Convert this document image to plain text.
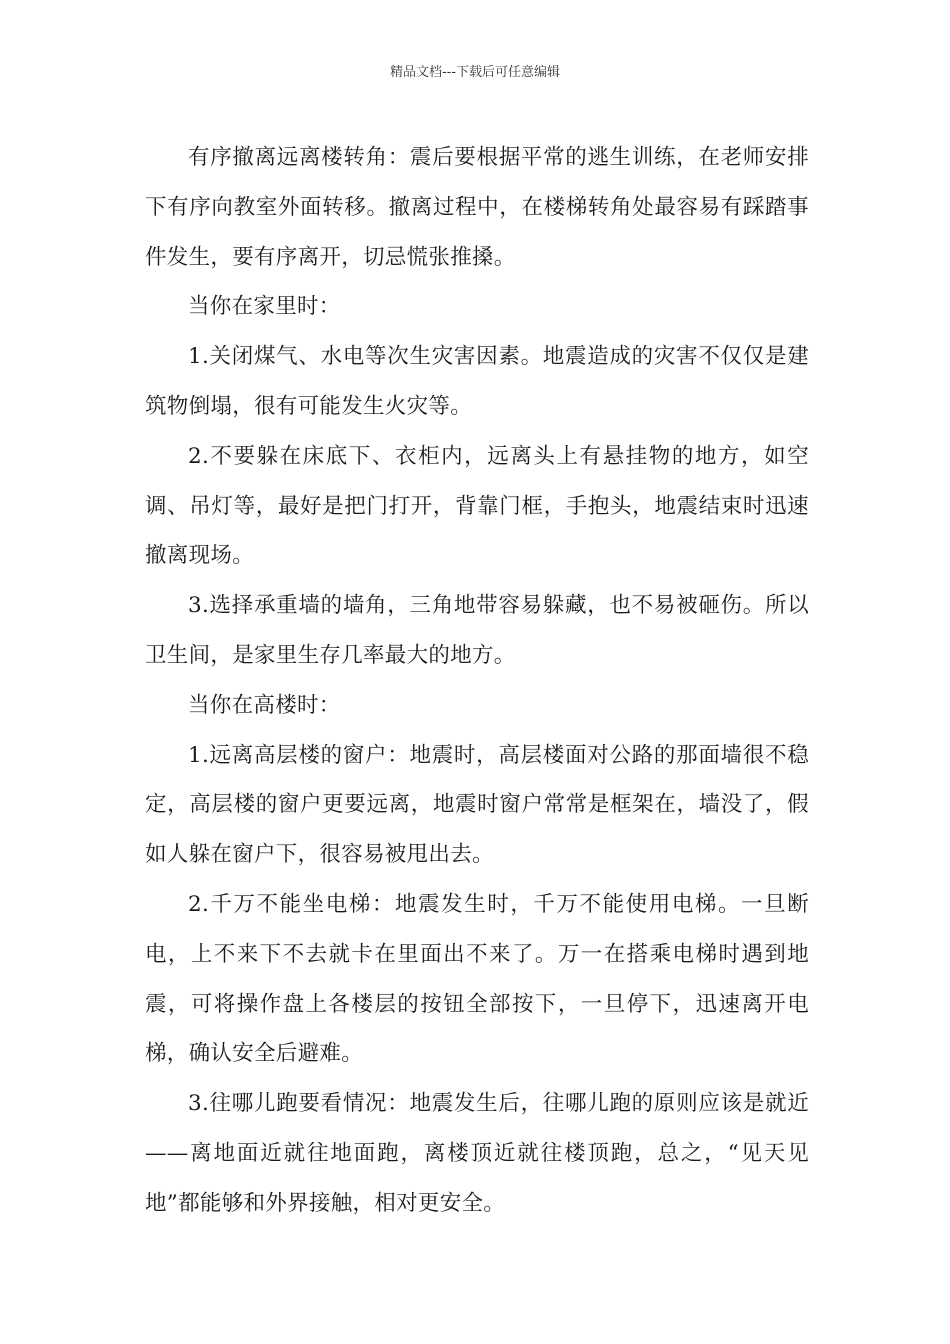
精品文档---下载后可任意编辑

有序撤离远离楼转角：震后要根据平常的逃生训练，在老师安排下有序向教室外面转移。撤离过程中，在楼梯转角处最容易有踩踏事件发生，要有序离开，切忌慌张推搡。

当你在家里时：

1.关闭煤气、水电等次生灾害因素。地震造成的灾害不仅仅是建筑物倒塌，很有可能发生火灾等。

2.不要躲在床底下、衣柜内，远离头上有悬挂物的地方，如空调、吊灯等，最好是把门打开，背靠门框，手抱头，地震结束时迅速撤离现场。

3.选择承重墙的墙角，三角地带容易躲藏，也不易被砸伤。所以卫生间，是家里生存几率最大的地方。

当你在高楼时：

1.远离高层楼的窗户：地震时，高层楼面对公路的那面墙很不稳定，高层楼的窗户更要远离，地震时窗户常常是框架在，墙没了，假如人躲在窗户下，很容易被甩出去。

2.千万不能坐电梯：地震发生时，千万不能使用电梯。一旦断电，上不来下不去就卡在里面出不来了。万一在搭乘电梯时遇到地震，可将操作盘上各楼层的按钮全部按下，一旦停下，迅速离开电梯，确认安全后避难。

3.往哪儿跑要看情况：地震发生后，往哪儿跑的原则应该是就近——离地面近就往地面跑，离楼顶近就往楼顶跑，总之，“见天见地”都能够和外界接触，相对更安全。
